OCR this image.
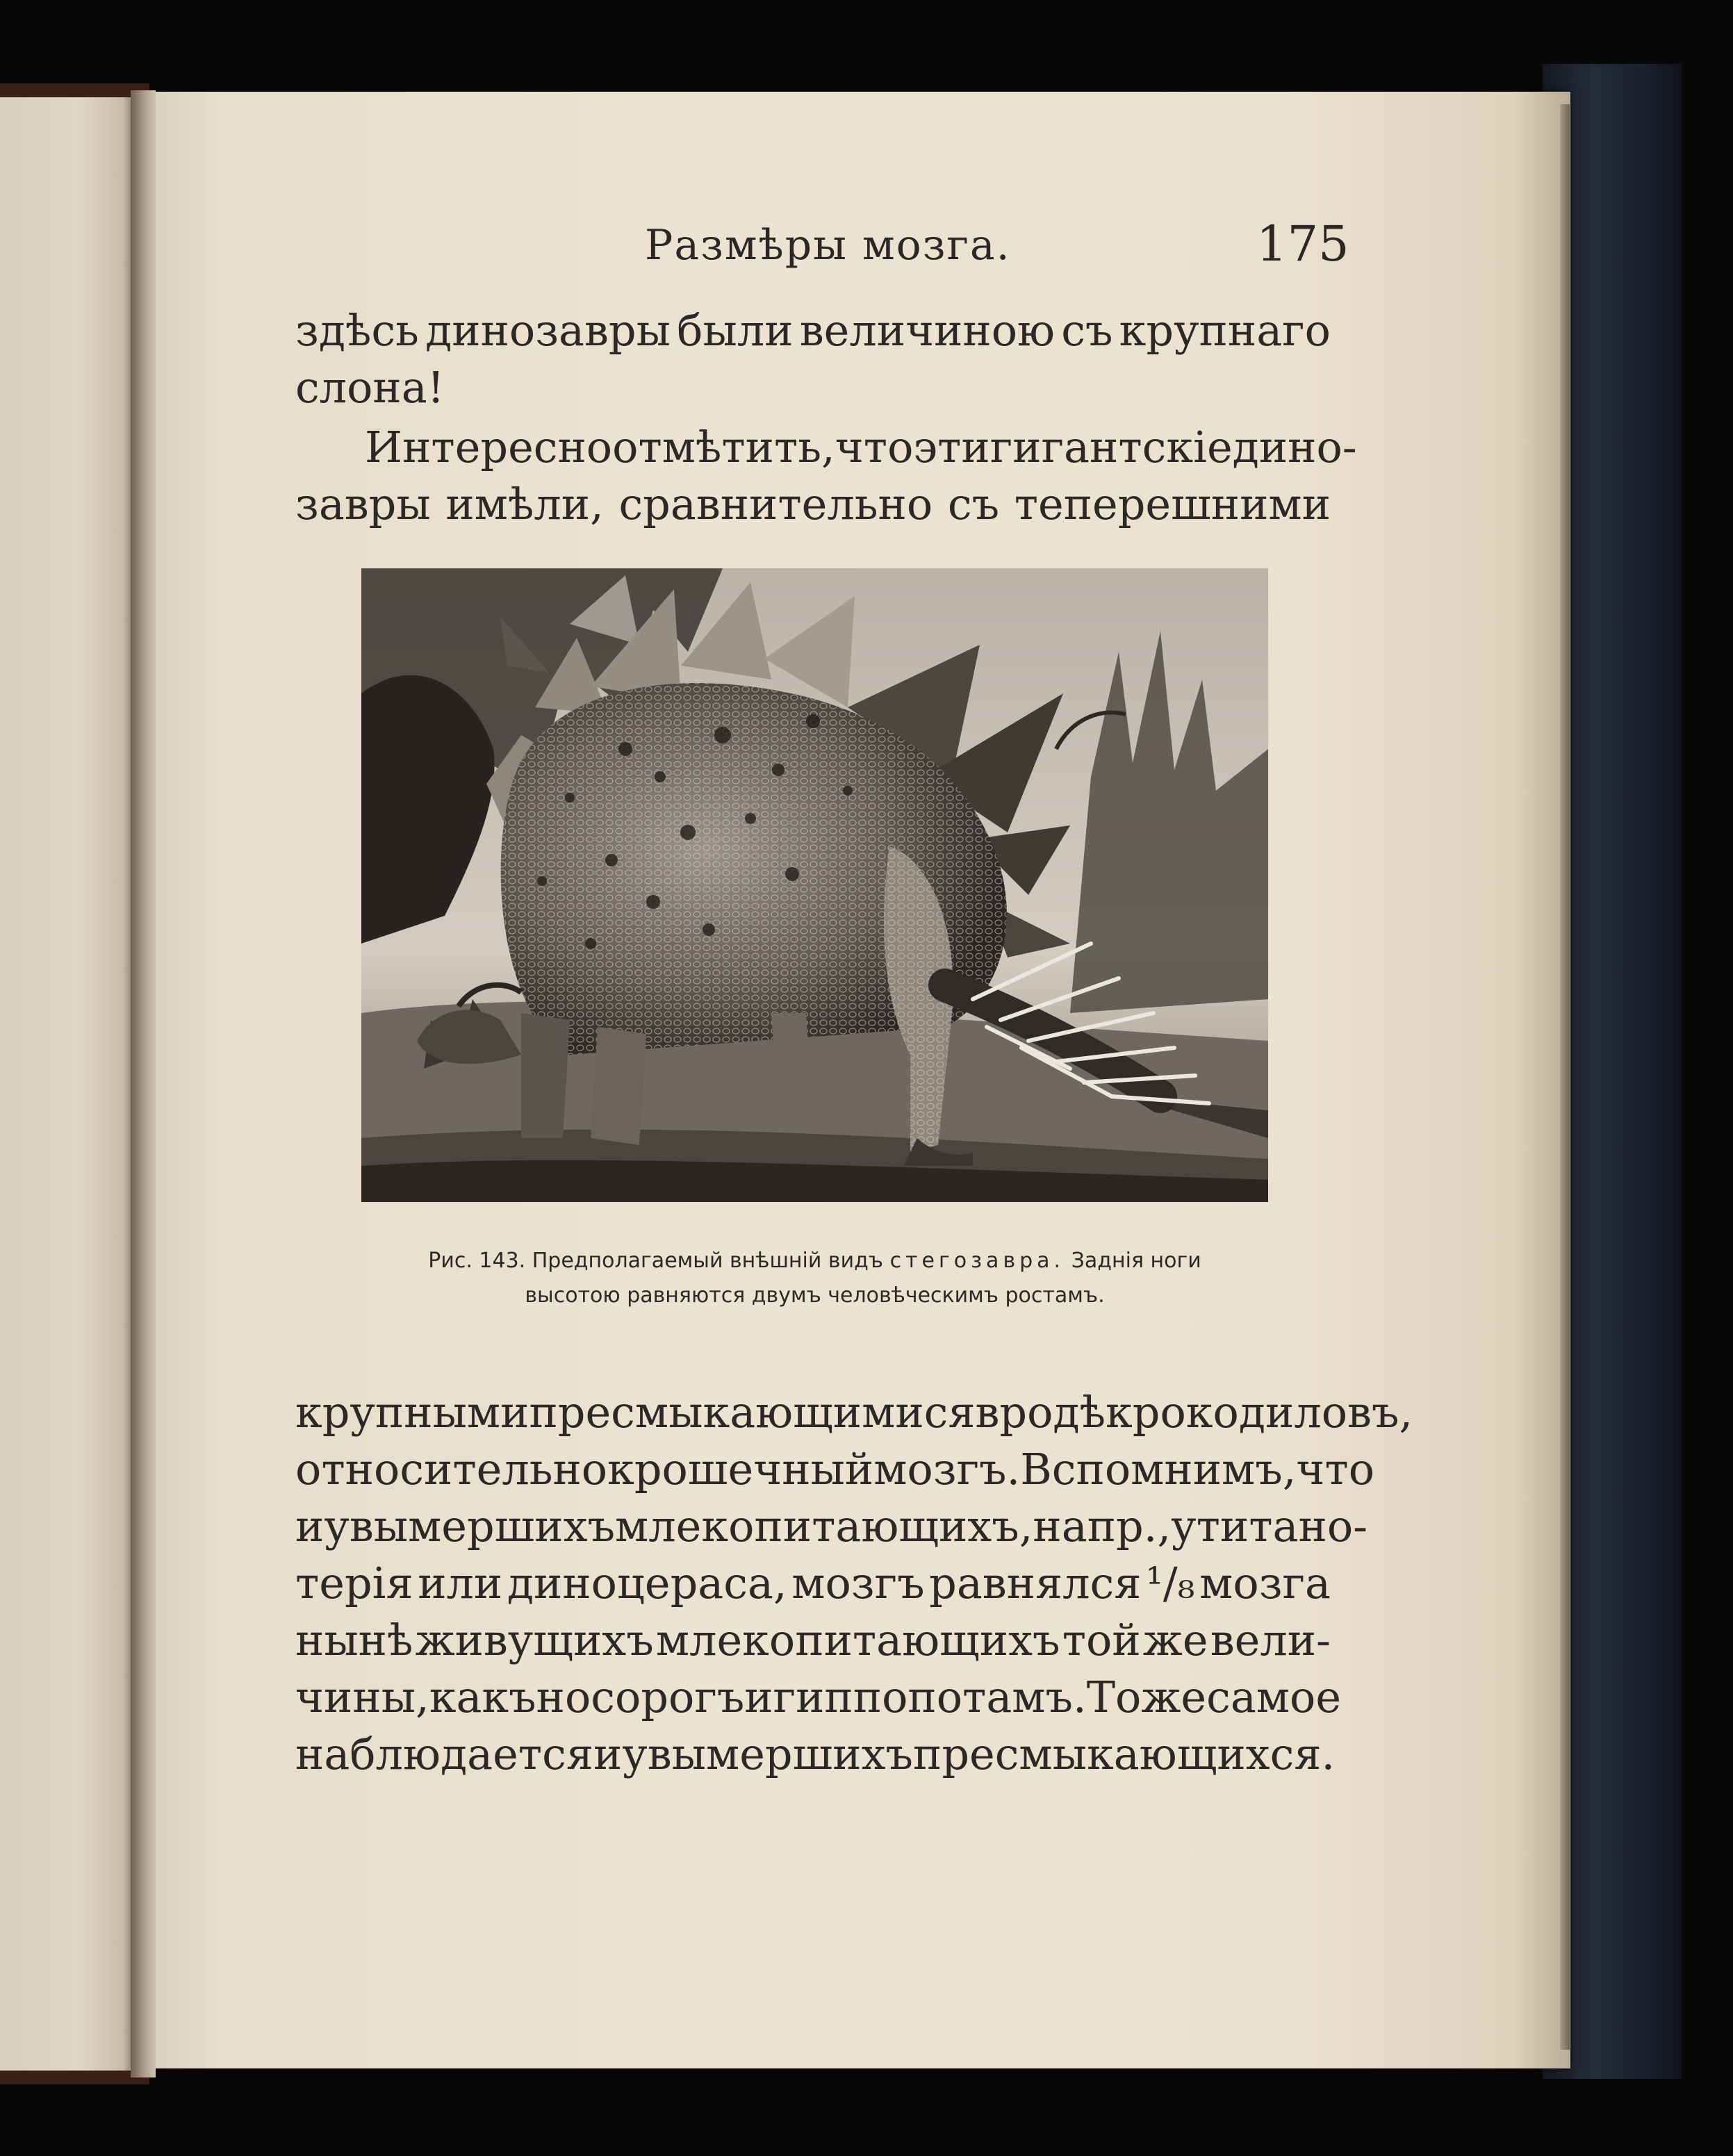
Размѣры мозга.	175
здѣсь динозавры были величиною съ крупнаго
слона!
Интересно отмѣтить, что эти гигантскіе дино-
завры имѣли, сравнительно съ теперешними
Рис. 143. Предполагаемый внѣшній видъ стегозавра. Заднія ноги
высотою равняются двумъ человѣческимъ ростамъ.
крупными пресмыкающимися вродѣ крокодиловъ,
относительно крошечный мозгъ. Вспомнимъ, что
и у вымершихъ млекопитающихъ, напр., у титано-
терія или диноцераса, мозгъ равнялся ¹/₈ мозга
нынѣ живущихъ млекопитающихъ той же вели-
чины, какъ носорогъ и гиппопотамъ. То же самое
наблюдается и у вымершихъ пресмыкающихся.
